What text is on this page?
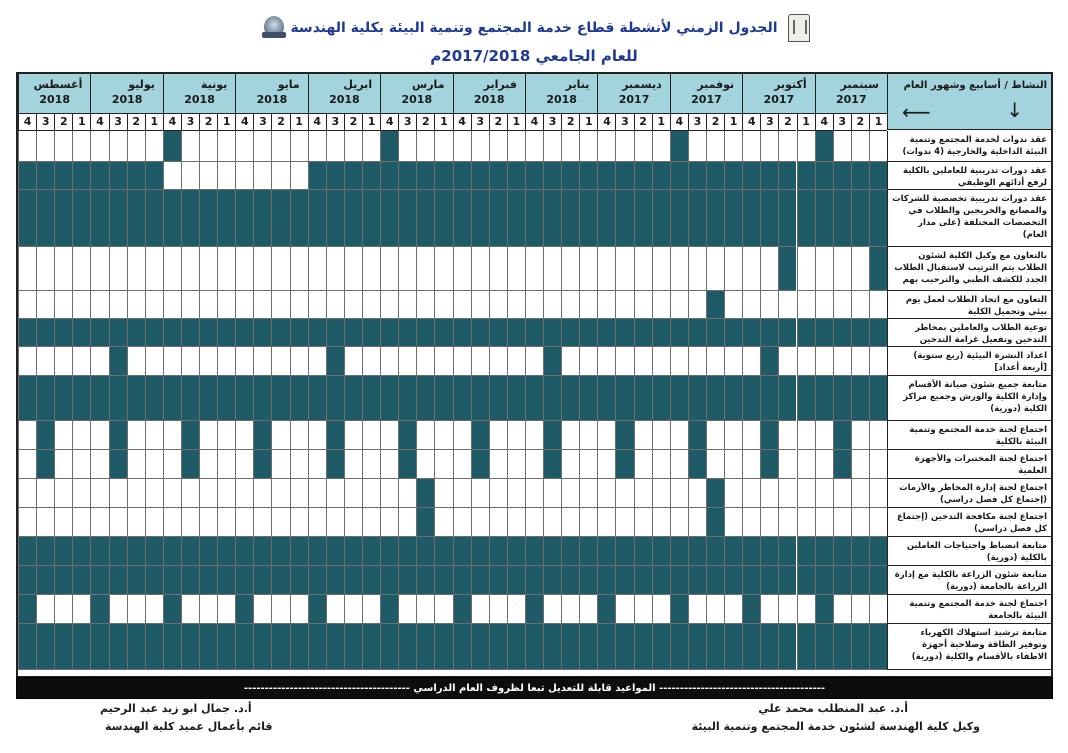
الجدول الزمني لأنشطة قطاع خدمة المجتمع وتنمية البيئة بكلية الهندسة
للعام الجامعي 2017/2018م
النشاط / أسابيع وشهور العام
↓
⟵
سبتمبر
2017
1
2
3
4
أكتوبر
2017
1
2
3
4
نوفمبر
2017
1
2
3
4
ديسمبر
2017
1
2
3
4
يناير
2018
1
2
3
4
فبراير
2018
1
2
3
4
مارس
2018
1
2
3
4
ابريل
2018
1
2
3
4
مايو
2018
1
2
3
4
يونية
2018
1
2
3
4
يوليو
2018
1
2
3
4
أغسطس
2018
1
2
3
4
عقد ندوات لخدمة المجتمع وتنمية البيئة الداخلية والخارجية (4 ندوات)
عقد دورات تدريبية للعاملين بالكلية لرفع أدائهم الوظيفي
عقد دورات تدريبية تخصصية للشركات والمصانع والخريجين والطلاب في التخصصات المختلفة (على مدار العام)
بالتعاون مع وكيل الكلية لشئون الطلاب يتم الترتيب لاستقبال الطلاب الجدد للكشف الطبي والترحيب بهم
التعاون مع اتحاد الطلاب لعمل يوم بيئي وتجميل الكلية
توعية الطلاب والعاملين بمخاطر التدخين وتفعيل غرامة التدخين
اعداد النشرة البيئية (ربع سنوية) [أربعة أعداد]
متابعة جميع شئون صيانة الأقسام وإدارة الكلية والورش وجميع مراكز الكلية (دورية)
اجتماع لجنة خدمة المجتمع وتنمية البيئة بالكلية
اجتماع لجنة المختبرات والأجهزة العلمية
اجتماع لجنة إدارة المخاطر والأزمات (إجتماع كل فصل دراسي)
اجتماع لجنة مكافحة التدخين (إجتماع كل فصل دراسي)
متابعة انضباط واحتياجات العاملين بالكلية (دورية)
متابعة شئون الزراعة بالكلية مع إدارة الزراعة بالجامعة (دورية)
اجتماع لجنة خدمة المجتمع وتنمية البيئة بالجامعة
متابعة ترشيد استهلاك الكهرباء وتوفير الطاقة وصلاحية أجهزة الاطفاء بالأقسام والكلية (دورية)
---------------------------------------- المواعيد قابلة للتعديل تبعا لظروف العام الدراسي ----------------------------------------
أ.د. عبد المنطلب محمد علي
وكيل كلية الهندسة لشئون خدمة المجتمع وتنمية البيئة
أ.د. جمال ابو زيد عبد الرحيم
قائم بأعمال عميد كلية الهندسة
